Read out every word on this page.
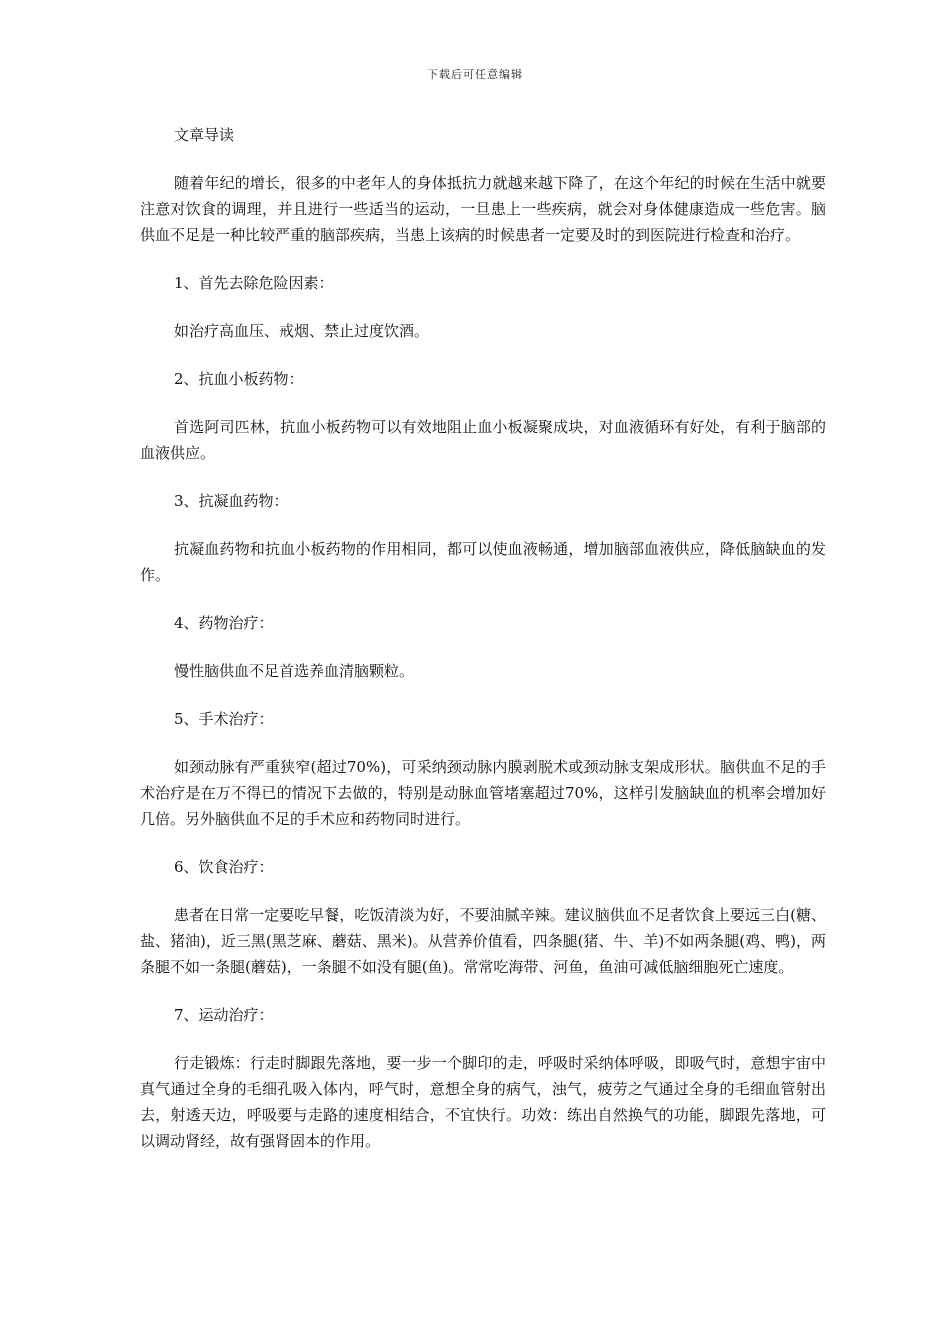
下载后可任意编辑

文章导读

随着年纪的增长，很多的中老年人的身体抵抗力就越来越下降了，在这个年纪的时候在生活中就要注意对饮食的调理，并且进行一些适当的运动，一旦患上一些疾病，就会对身体健康造成一些危害。脑供血不足是一种比较严重的脑部疾病，当患上该病的时候患者一定要及时的到医院进行检查和治疗。

1、首先去除危险因素：

如治疗高血压、戒烟、禁止过度饮酒。

2、抗血小板药物：

首选阿司匹林，抗血小板药物可以有效地阻止血小板凝聚成块，对血液循环有好处，有利于脑部的血液供应。

3、抗凝血药物：

抗凝血药物和抗血小板药物的作用相同，都可以使血液畅通，增加脑部血液供应，降低脑缺血的发作。

4、药物治疗：

慢性脑供血不足首选养血清脑颗粒。

5、手术治疗：

如颈动脉有严重狭窄(超过70%)，可采纳颈动脉内膜剥脱术或颈动脉支架成形状。脑供血不足的手术治疗是在万不得已的情况下去做的，特别是动脉血管堵塞超过70%，这样引发脑缺血的机率会增加好几倍。另外脑供血不足的手术应和药物同时进行。

6、饮食治疗：

患者在日常一定要吃早餐，吃饭清淡为好，不要油腻辛辣。建议脑供血不足者饮食上要远三白(糖、盐、猪油)，近三黑(黑芝麻、蘑菇、黑米)。从营养价值看，四条腿(猪、牛、羊)不如两条腿(鸡、鸭)，两条腿不如一条腿(蘑菇)，一条腿不如没有腿(鱼)。常常吃海带、河鱼，鱼油可减低脑细胞死亡速度。

7、运动治疗：

行走锻炼：行走时脚跟先落地，要一步一个脚印的走，呼吸时采纳体呼吸，即吸气时，意想宇宙中真气通过全身的毛细孔吸入体内，呼气时，意想全身的病气，浊气，疲劳之气通过全身的毛细血管射出去，射透天边，呼吸要与走路的速度相结合，不宜快行。功效：练出自然换气的功能，脚跟先落地，可以调动肾经，故有强肾固本的作用。
